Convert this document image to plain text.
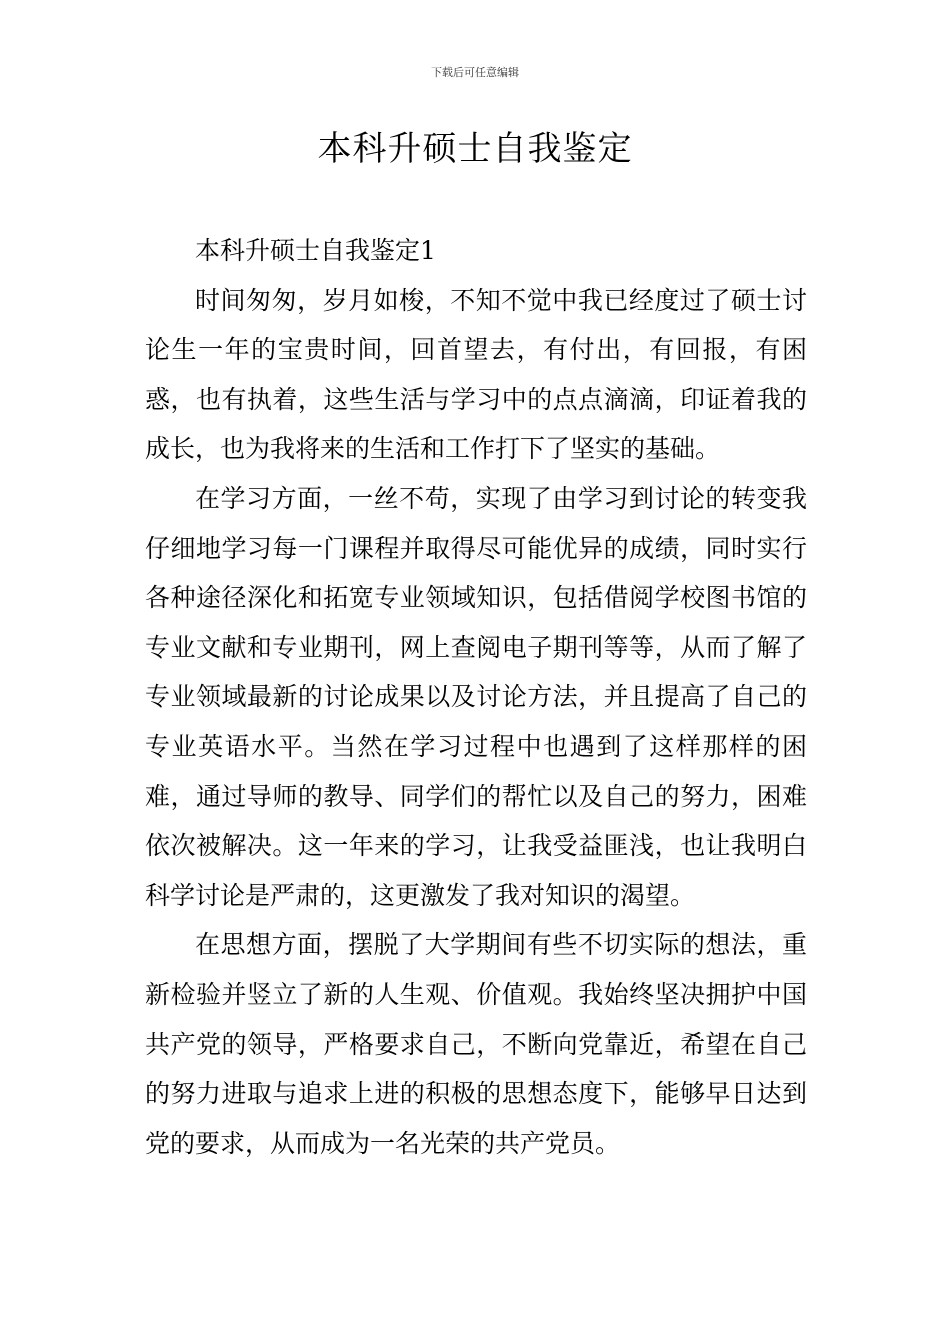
下载后可任意编辑
本科升硕士自我鉴定

本科升硕士自我鉴定1

时间匆匆，岁月如梭，不知不觉中我已经度过了硕士讨论生一年的宝贵时间，回首望去，有付出，有回报，有困惑，也有执着，这些生活与学习中的点点滴滴，印证着我的成长，也为我将来的生活和工作打下了坚实的基础。

在学习方面，一丝不苟，实现了由学习到讨论的转变我仔细地学习每一门课程并取得尽可能优异的成绩，同时实行各种途径深化和拓宽专业领域知识，包括借阅学校图书馆的专业文献和专业期刊，网上查阅电子期刊等等，从而了解了专业领域最新的讨论成果以及讨论方法，并且提高了自己的专业英语水平。当然在学习过程中也遇到了这样那样的困难，通过导师的教导、同学们的帮忙以及自己的努力，困难依次被解决。这一年来的学习，让我受益匪浅，也让我明白科学讨论是严肃的，这更激发了我对知识的渴望。

在思想方面，摆脱了大学期间有些不切实际的想法，重新检验并竖立了新的人生观、价值观。我始终坚决拥护中国共产党的领导，严格要求自己，不断向党靠近，希望在自己的努力进取与追求上进的积极的思想态度下，能够早日达到党的要求，从而成为一名光荣的共产党员。
